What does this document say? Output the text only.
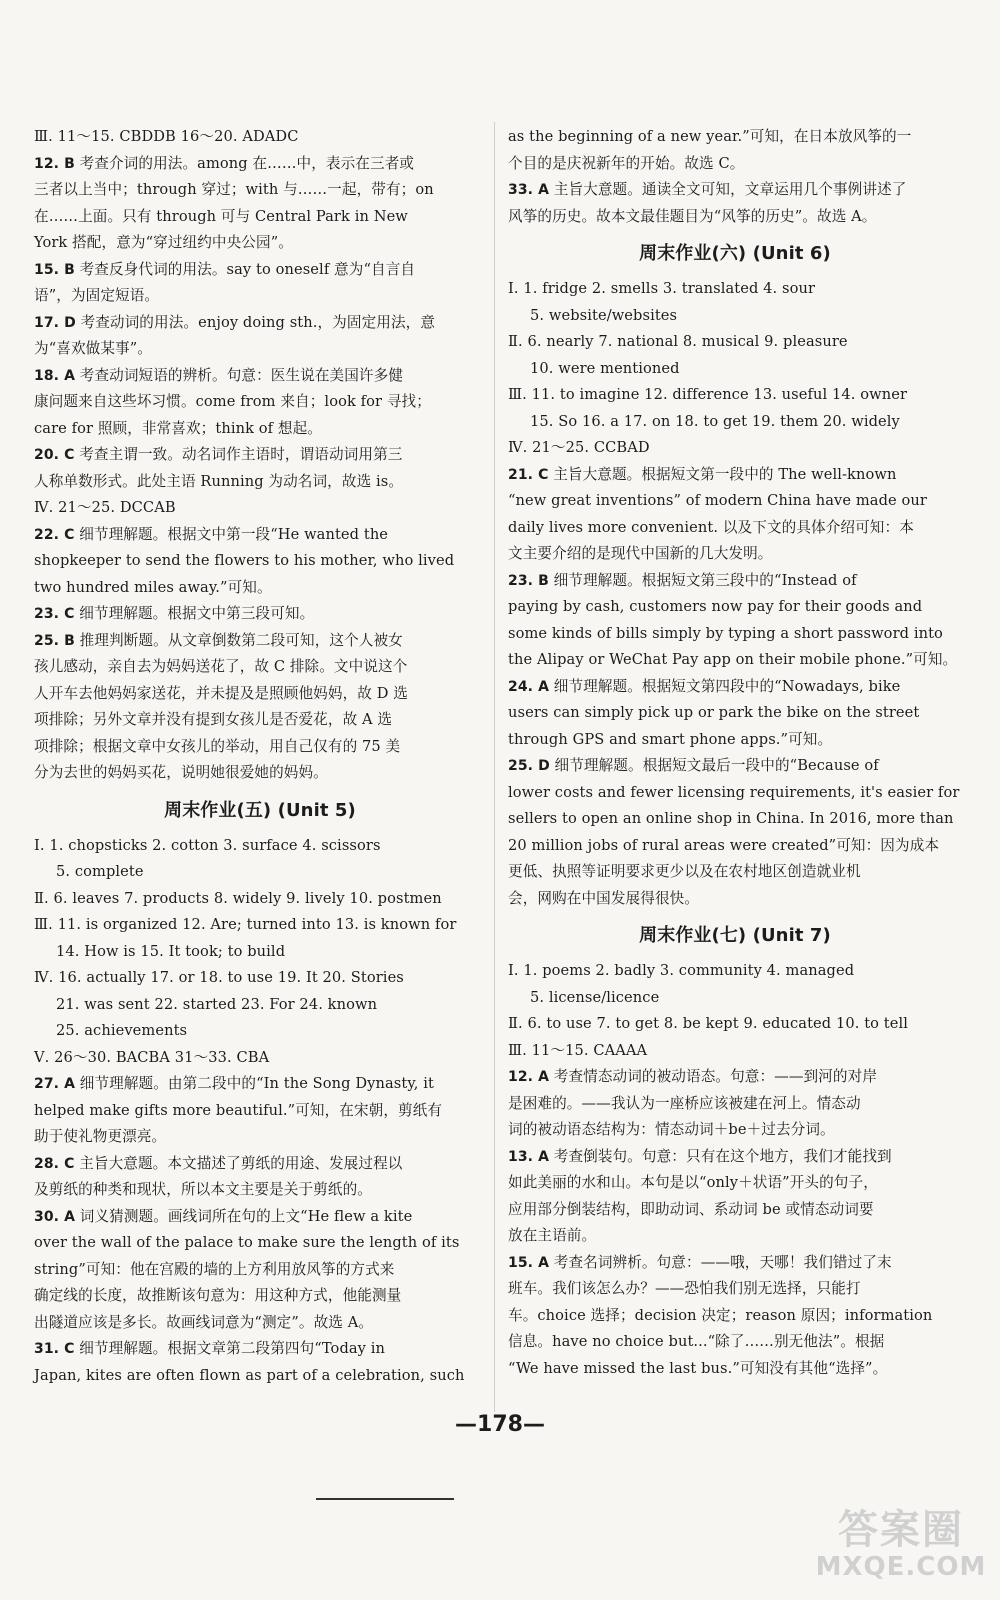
Ⅲ. 11～15. CBDDB 16～20. ADADC
12. B 考查介词的用法。among 在……中，表示在三者或
三者以上当中；through 穿过；with 与……一起，带有；on
在……上面。只有 through 可与 Central Park in New
York 搭配，意为“穿过纽约中央公园”。
15. B 考查反身代词的用法。say to oneself 意为“自言自
语”，为固定短语。
17. D 考查动词的用法。enjoy doing sth.，为固定用法，意
为“喜欢做某事”。
18. A 考查动词短语的辨析。句意：医生说在美国许多健
康问题来自这些坏习惯。come from 来自；look for 寻找；
care for 照顾，非常喜欢；think of 想起。
20. C 考查主谓一致。动名词作主语时，谓语动词用第三
人称单数形式。此处主语 Running 为动名词，故选 is。
Ⅳ. 21～25. DCCAB
22. C 细节理解题。根据文中第一段“He wanted the
shopkeeper to send the flowers to his mother, who lived
two hundred miles away.”可知。
23. C 细节理解题。根据文中第三段可知。
25. B 推理判断题。从文章倒数第二段可知，这个人被女
孩儿感动，亲自去为妈妈送花了，故 C 排除。文中说这个
人开车去他妈妈家送花，并未提及是照顾他妈妈，故 D 选
项排除；另外文章并没有提到女孩儿是否爱花，故 A 选
项排除；根据文章中女孩儿的举动，用自己仅有的 75 美
分为去世的妈妈买花，说明她很爱她的妈妈。
周末作业(五) (Unit 5)
Ⅰ. 1. chopsticks 2. cotton 3. surface 4. scissors
5. complete
Ⅱ. 6. leaves 7. products 8. widely 9. lively 10. postmen
Ⅲ. 11. is organized 12. Are; turned into 13. is known for
14. How is 15. It took; to build
Ⅳ. 16. actually 17. or 18. to use 19. It 20. Stories
21. was sent 22. started 23. For 24. known
25. achievements
Ⅴ. 26～30. BACBA 31～33. CBA
27. A 细节理解题。由第二段中的“In the Song Dynasty, it
helped make gifts more beautiful.”可知，在宋朝，剪纸有
助于使礼物更漂亮。
28. C 主旨大意题。本文描述了剪纸的用途、发展过程以
及剪纸的种类和现状，所以本文主要是关于剪纸的。
30. A 词义猜测题。画线词所在句的上文“He flew a kite
over the wall of the palace to make sure the length of its
string”可知：他在宫殿的墙的上方利用放风筝的方式来
确定线的长度，故推断该句意为：用这种方式，他能测量
出隧道应该是多长。故画线词意为“测定”。故选 A。
31. C 细节理解题。根据文章第二段第四句“Today in
Japan, kites are often flown as part of a celebration, such
as the beginning of a new year.”可知，在日本放风筝的一
个目的是庆祝新年的开始。故选 C。
33. A 主旨大意题。通读全文可知，文章运用几个事例讲述了
风筝的历史。故本文最佳题目为“风筝的历史”。故选 A。
周末作业(六) (Unit 6)
Ⅰ. 1. fridge 2. smells 3. translated 4. sour
5. website/websites
Ⅱ. 6. nearly 7. national 8. musical 9. pleasure
10. were mentioned
Ⅲ. 11. to imagine 12. difference 13. useful 14. owner
15. So 16. a 17. on 18. to get 19. them 20. widely
Ⅳ. 21～25. CCBAD
21. C 主旨大意题。根据短文第一段中的 The well-known
“new great inventions” of modern China have made our
daily lives more convenient. 以及下文的具体介绍可知：本
文主要介绍的是现代中国新的几大发明。
23. B 细节理解题。根据短文第三段中的“Instead of
paying by cash, customers now pay for their goods and
some kinds of bills simply by typing a short password into
the Alipay or WeChat Pay app on their mobile phone.”可知。
24. A 细节理解题。根据短文第四段中的“Nowadays, bike
users can simply pick up or park the bike on the street
through GPS and smart phone apps.”可知。
25. D 细节理解题。根据短文最后一段中的“Because of
lower costs and fewer licensing requirements, it's easier for
sellers to open an online shop in China. In 2016, more than
20 million jobs of rural areas were created”可知：因为成本
更低、执照等证明要求更少以及在农村地区创造就业机
会，网购在中国发展得很快。
周末作业(七) (Unit 7)
Ⅰ. 1. poems 2. badly 3. community 4. managed
5. license/licence
Ⅱ. 6. to use 7. to get 8. be kept 9. educated 10. to tell
Ⅲ. 11～15. CAAAA
12. A 考查情态动词的被动语态。句意：——到河的对岸
是困难的。——我认为一座桥应该被建在河上。情态动
词的被动语态结构为：情态动词＋be＋过去分词。
13. A 考查倒装句。句意：只有在这个地方，我们才能找到
如此美丽的水和山。本句是以“only＋状语”开头的句子，
应用部分倒装结构，即助动词、系动词 be 或情态动词要
放在主语前。
15. A 考查名词辨析。句意：——哦，天哪！我们错过了末
班车。我们该怎么办？——恐怕我们别无选择，只能打
车。choice 选择；decision 决定；reason 原因；information
信息。have no choice but...“除了……别无他法”。根据
“We have missed the last bus.”可知没有其他“选择”。
—178—
答案圈
MXQE.COM
